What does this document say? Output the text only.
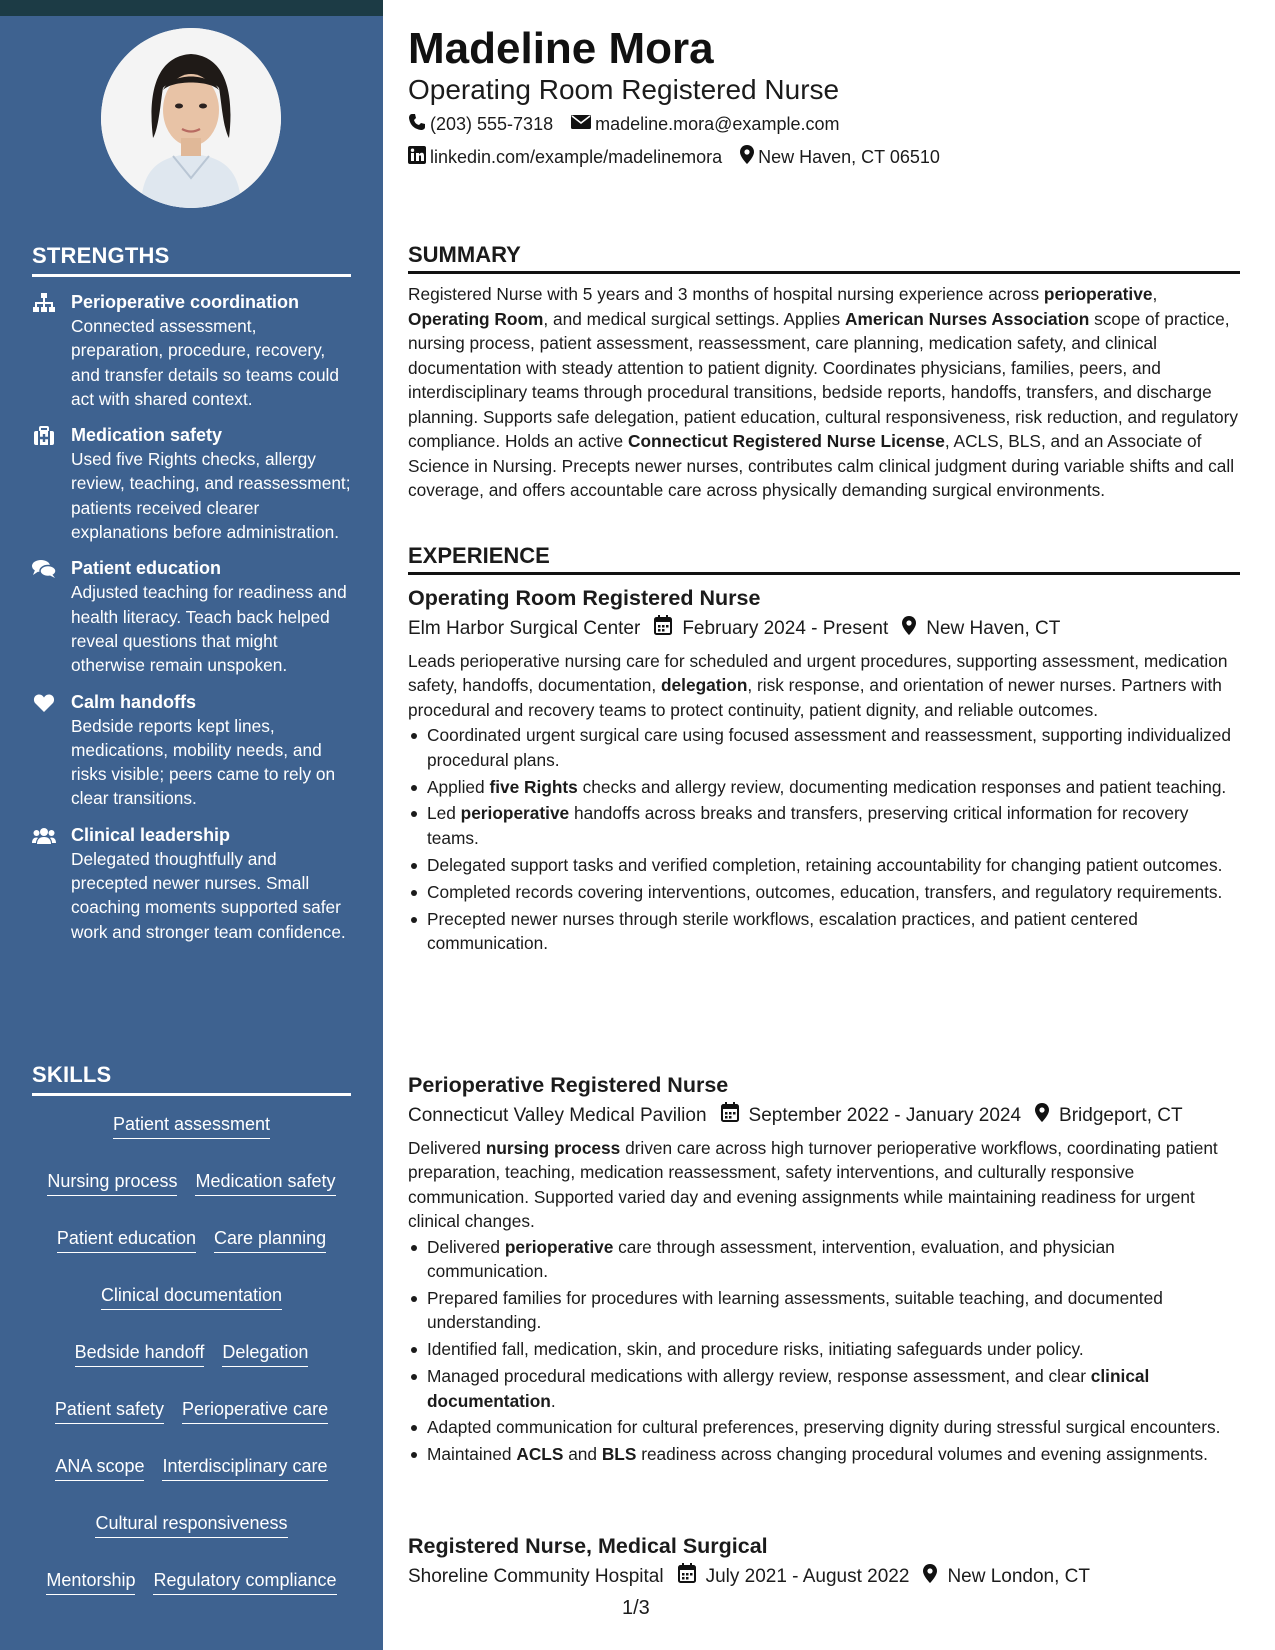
STRENGTHS
Perioperative coordination
Connected assessment, preparation, procedure, recovery, and transfer details so teams could act with shared context.
Medication safety
Used five Rights checks, allergy review, teaching, and reassessment; patients received clearer explanations before administration.
Patient education
Adjusted teaching for readiness and health literacy. Teach back helped reveal questions that might otherwise remain unspoken.
Calm handoffs
Bedside reports kept lines, medications, mobility needs, and risks visible; peers came to rely on clear transitions.
Clinical leadership
Delegated thoughtfully and precepted newer nurses. Small coaching moments supported safer work and stronger team confidence.
SKILLS
Patient assessment
Nursing process Medication safety
Patient education Care planning
Clinical documentation
Bedside handoff Delegation
Patient safety Perioperative care
ANA scope Interdisciplinary care
Cultural responsiveness
Mentorship Regulatory compliance
Madeline Mora
Operating Room Registered Nurse
(203) 555-7318 madeline.mora@example.com
linkedin.com/example/madelinemora New Haven, CT 06510
SUMMARY
Registered Nurse with 5 years and 3 months of hospital nursing experience across perioperative, Operating Room, and medical surgical settings. Applies American Nurses Association scope of practice, nursing process, patient assessment, reassessment, care planning, medication safety, and clinical documentation with steady attention to patient dignity. Coordinates physicians, families, peers, and interdisciplinary teams through procedural transitions, bedside reports, handoffs, transfers, and discharge planning. Supports safe delegation, patient education, cultural responsiveness, risk reduction, and regulatory compliance. Holds an active Connecticut Registered Nurse License, ACLS, BLS, and an Associate of Science in Nursing. Precepts newer nurses, contributes calm clinical judgment during variable shifts and call coverage, and offers accountable care across physically demanding surgical environments.
EXPERIENCE
Operating Room Registered Nurse
Elm Harbor Surgical Center February 2024 - Present New Haven, CT
Leads perioperative nursing care for scheduled and urgent procedures, supporting assessment, medication safety, handoffs, documentation, delegation, risk response, and orientation of newer nurses. Partners with procedural and recovery teams to protect continuity, patient dignity, and reliable outcomes.
Coordinated urgent surgical care using focused assessment and reassessment, supporting individualized procedural plans.
Applied five Rights checks and allergy review, documenting medication responses and patient teaching.
Led perioperative handoffs across breaks and transfers, preserving critical information for recovery teams.
Delegated support tasks and verified completion, retaining accountability for changing patient outcomes.
Completed records covering interventions, outcomes, education, transfers, and regulatory requirements.
Precepted newer nurses through sterile workflows, escalation practices, and patient centered communication.
Perioperative Registered Nurse
Connecticut Valley Medical Pavilion September 2022 - January 2024 Bridgeport, CT
Delivered nursing process driven care across high turnover perioperative workflows, coordinating patient preparation, teaching, medication reassessment, safety interventions, and culturally responsive communication. Supported varied day and evening assignments while maintaining readiness for urgent clinical changes.
Delivered perioperative care through assessment, intervention, evaluation, and physician communication.
Prepared families for procedures with learning assessments, suitable teaching, and documented understanding.
Identified fall, medication, skin, and procedure risks, initiating safeguards under policy.
Managed procedural medications with allergy review, response assessment, and clear clinical documentation.
Adapted communication for cultural preferences, preserving dignity during stressful surgical encounters.
Maintained ACLS and BLS readiness across changing procedural volumes and evening assignments.
Registered Nurse, Medical Surgical
Shoreline Community Hospital July 2021 - August 2022 New London, CT
1/3
